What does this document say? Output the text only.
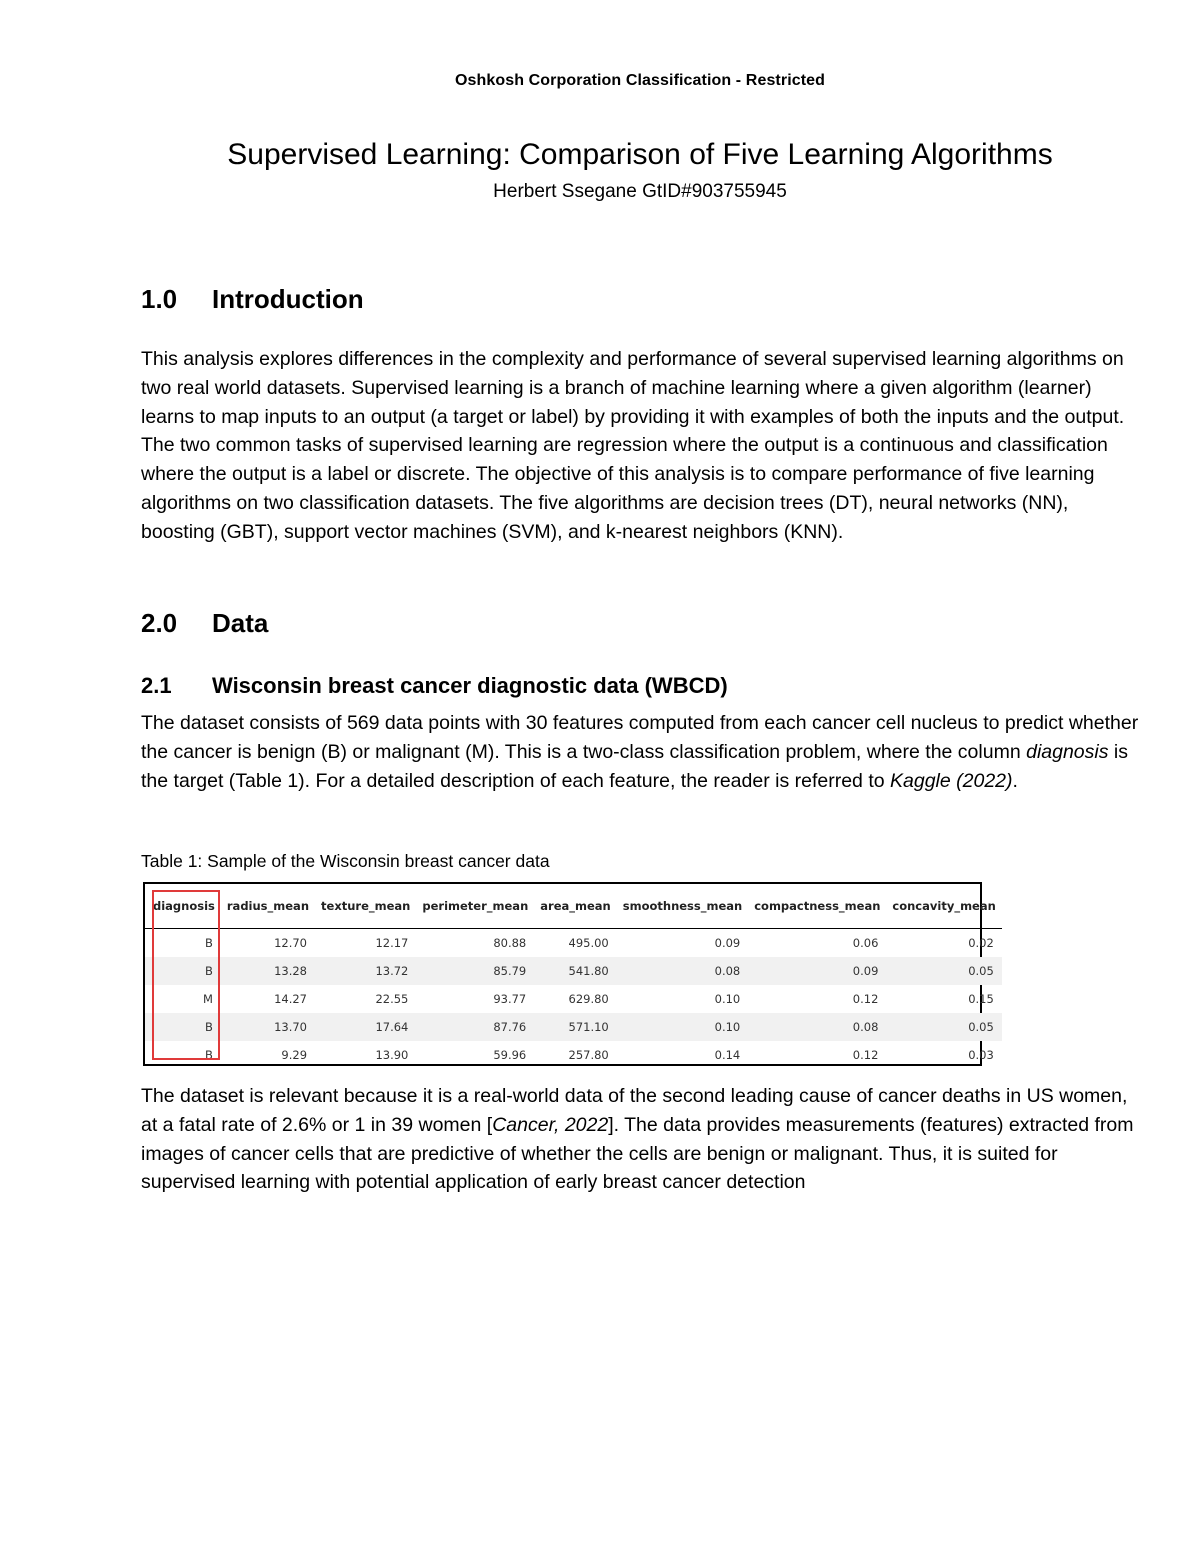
Oshkosh Corporation Classification - Restricted
Supervised Learning: Comparison of Five Learning Algorithms
Herbert Ssegane GtID#903755945
1.0	Introduction

This analysis explores differences in the complexity and performance of several supervised learning algorithms on two real world datasets. Supervised learning is a branch of machine learning where a given algorithm (learner) learns to map inputs to an output (a target or label) by providing it with examples of both the inputs and the output. The two common tasks of supervised learning are regression where the output is a continuous and classification where the output is a label or discrete. The objective of this analysis is to compare performance of five learning algorithms on two classification datasets. The five algorithms are decision trees (DT), neural networks (NN), boosting (GBT), support vector machines (SVM), and k-nearest neighbors (KNN).

2.0	Data
2.1	Wisconsin breast cancer diagnostic data (WBCD)

The dataset consists of 569 data points with 30 features computed from each cancer cell nucleus to predict whether the cancer is benign (B) or malignant (M). This is a two-class classification problem, where the column diagnosis is the target (Table 1). For a detailed description of each feature, the reader is referred to Kaggle (2022).

Table 1: Sample of the Wisconsin breast cancer data
diagnosis	radius_mean	texture_mean	perimeter_mean	area_mean	smoothness_mean	compactness_mean	concavity_mean
B	12.70	12.17	80.88	495.00	0.09	0.06	0.02
B	13.28	13.72	85.79	541.80	0.08	0.09	0.05
M	14.27	22.55	93.77	629.80	0.10	0.12	0.15
B	13.70	17.64	87.76	571.10	0.10	0.08	0.05
B	9.29	13.90	59.96	257.80	0.14	0.12	0.03

The dataset is relevant because it is a real-world data of the second leading cause of cancer deaths in US women, at a fatal rate of 2.6% or 1 in 39 women [Cancer, 2022]. The data provides measurements (features) extracted from images of cancer cells that are predictive of whether the cells are benign or malignant. Thus, it is suited for supervised learning with potential application of early breast cancer detection
